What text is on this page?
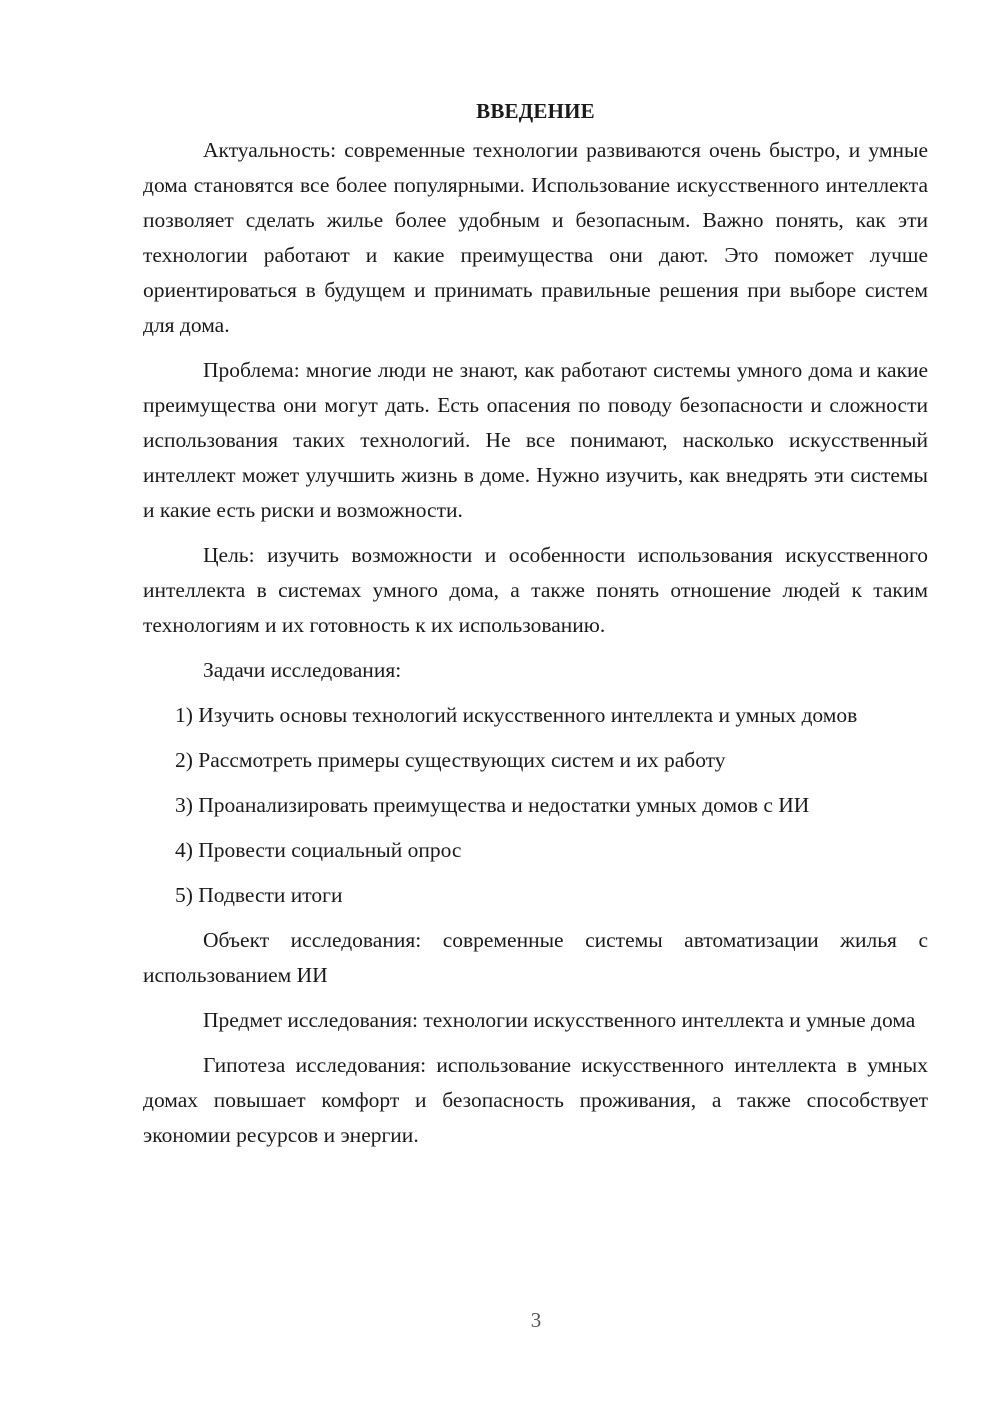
ВВЕДЕНИЕ

Актуальность: современные технологии развиваются очень быстро, и умные дома становятся все более популярными. Использование искусственного интеллекта позволяет сделать жилье более удобным и безопасным. Важно понять, как эти технологии работают и какие преимущества они дают. Это поможет лучше ориентироваться в будущем и принимать правильные решения при выборе систем для дома.

Проблема: многие люди не знают, как работают системы умного дома и какие преимущества они могут дать. Есть опасения по поводу безопасности и сложности использования таких технологий. Не все понимают, насколько искусственный интеллект может улучшить жизнь в доме. Нужно изучить, как внедрять эти системы и какие есть риски и возможности.

Цель: изучить возможности и особенности использования искусственного интеллекта в системах умного дома, а также понять отношение людей к таким технологиям и их готовность к их использованию.

Задачи исследования:

1) Изучить основы технологий искусственного интеллекта и умных домов

2) Рассмотреть примеры существующих систем и их работу

3) Проанализировать преимущества и недостатки умных домов с ИИ

4) Провести социальный опрос

5) Подвести итоги

Объект исследования: современные системы автоматизации жилья с использованием ИИ

Предмет исследования: технологии искусственного интеллекта и умные дома

Гипотеза исследования: использование искусственного интеллекта в умных домах повышает комфорт и безопасность проживания, а также способствует экономии ресурсов и энергии.

3
